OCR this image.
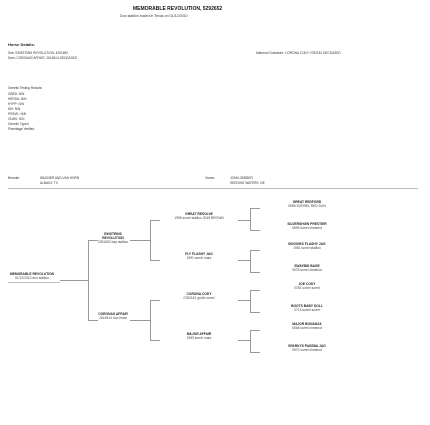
MEMORABLE REVOLUTION, 5292652
Dun stallion foaled in Texas on 01/12/2010
Horse Details:
Sire: EINSTEINS REVOLUTION, 4251692
Dam: CORONAS AFFAIR, 2616514 DECEASED
Maternal Grandsire: CORONA CODY 0782181 DECEASED
Genetic Testing Results:
GBED: N/N
HERDA: N/N
HYPP: N/N
MH: N/N
PSSM1: N/N
OLWS: N/N
Genetic Typed
Parentage Verified
Breeder:	WAGNER AND VAN HORN
ALBANY, TX
Owner:	JOHN GEBBER
SEEDING WATERS, NE
MEMORABLE REVOLUTION
01/12/2010 dun stallion
EINSTEINS REVOLUTION
4251692 bay stallion
CORONAS AFFAIR
2616514 dun mare
GREAT RESOLVE
1998 sorrel stallion 3018 BROWN
FLY FLASHY JAG
1991 sorrel mare
CORONA CODY
0782181 grullo sorrel
MAJOR AFFAIR
1983 sorrel mare
GREAT REDFORD
0685 SORREL RED DUN
SILVERSHOW PRESTIER
0699 sorrel chestnut
BOGGIES FLASHY JAG
1981 sorrel stallion
SWAYBID BAGE
0578 sorrel chestnut
JOE CODY
0391 sorrel sorrel
BOOTS BABY DOLL
0713 sorrel sorrel
MAJOR BONANZA
0568 sorrel chestnut
SPARKYS PASSBA JAG
0670 sorrel chestnut
